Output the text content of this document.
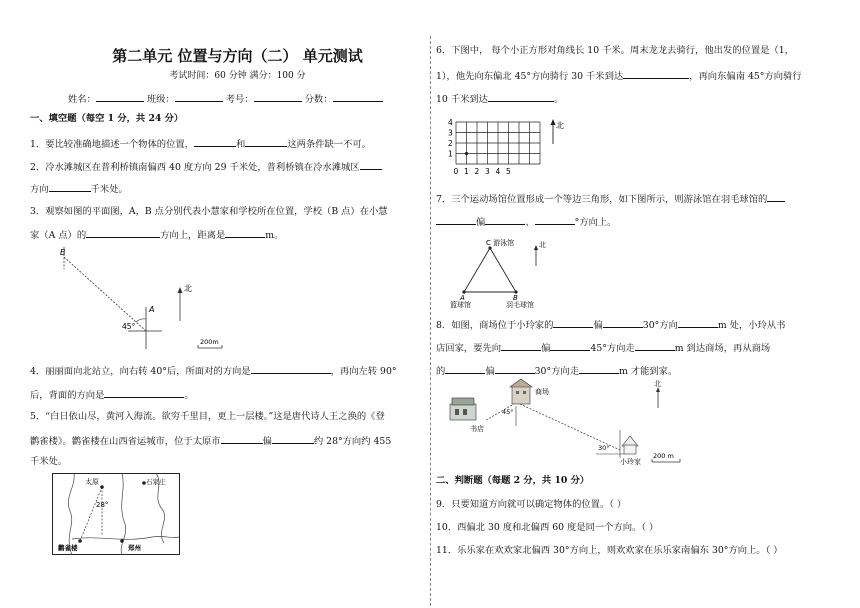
第二单元 位置与方向（二） 单元测试
考试时间：60 分钟 满分：100 分
姓名：	班级：	考号：	分数：
一、填空题（每空 1 分，共 24 分）
1．要比较准确地描述一个物体的位置，	和	这两条件缺一不可。
2．冷水滩城区在普利桥镇南偏西 40 度方向 29 千米处，普利桥镇在冷水滩城区
方向	千米处。
3．观察如图的平面图，A，B 点分别代表小慧家和学校所在位置，学校（B 点）在小慧
家（A 点）的	方向上，距离是	m。
B
45°
A
北
200m
4．丽丽面向北站立，向右转 40°后，所面对的方向是	，再向左转 90°
后，背面的方向是	。
5．“白日依山尽，黄河入海流。欲穷千里目，更上一层楼。”这是唐代诗人王之涣的《登
鹳雀楼》。鹳雀楼在山西省运城市，位于太原市	偏	约 28°方向约 455
千米处。
太原	石家庄
28°
鹳雀楼	郑州
6．下图中， 每个小正方形对角线长 10 千米。周末龙龙去骑行，他出发的位置是（1，
1），他先向东偏北 45°方向骑行 30 千米到达	，再向东偏南 45°方向骑行
10 千米到达	。
0 1 2 3 4 5
1
2
3
4	北
7．三个运动场馆位置形成一个等边三角形，如下图所示，则游泳馆在羽毛球馆的
偏	、	°方向上。
C 游泳馆	北
A	B
篮球馆	羽毛球馆
8．如图，商场位于小玲家的	偏	30°方向	m 处，小玲从书
店回家，要先向	偏	45°方向走	m 到达商场，再从商场
的	偏	30°方向走	m 才能到家。
书店
商场
小玲家
45°
30°
北
200 m
二、判断题（每题 2 分，共 10 分）
9．只要知道方向就可以确定物体的位置。（ ）
10．西偏北 30 度和北偏西 60 度是同一个方向。（ ）
11．乐乐家在欢欢家北偏西 30°方向上，则欢欢家在乐乐家南偏东 30°方向上。（ ）
